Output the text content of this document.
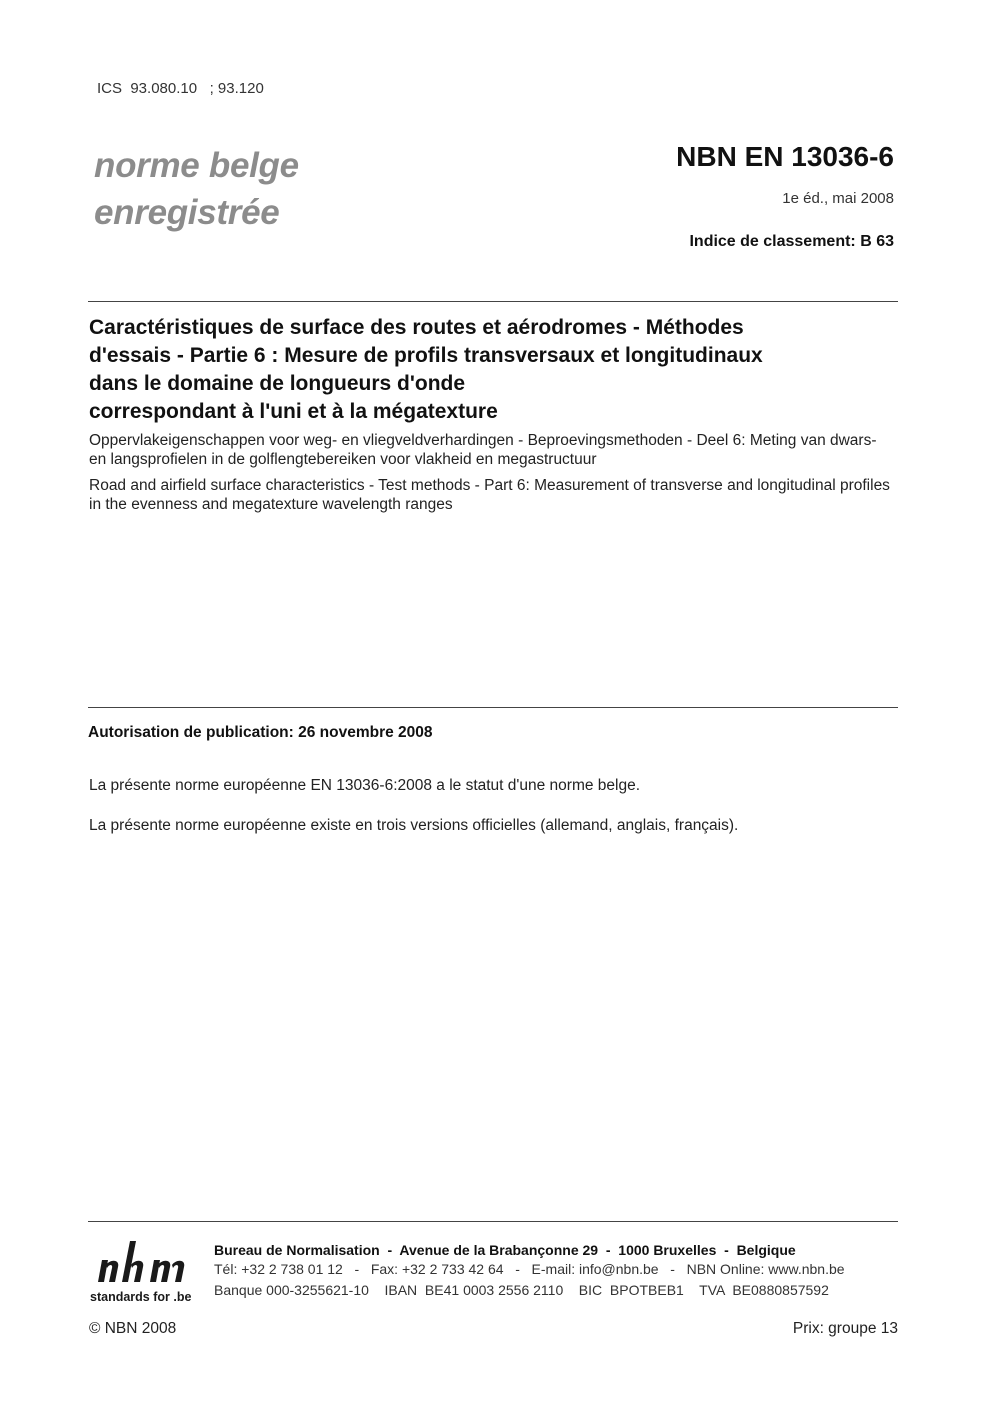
ICS  93.080.10   ; 93.120
norme belge
enregistrée
NBN EN 13036-6
1e éd., mai 2008
Indice de classement: B 63
Caractéristiques de surface des routes et aérodromes - Méthodes
d'essais - Partie 6 : Mesure de profils transversaux et longitudinaux
dans le domaine de longueurs d'onde
correspondant à l'uni et à la mégatexture
Oppervlakeigenschappen voor weg- en vliegveldverhardingen - Beproevingsmethoden - Deel 6: Meting van dwars- en langsprofielen in de golflengtebereiken voor vlakheid en megastructuur
Road and airfield surface characteristics - Test methods - Part 6: Measurement of transverse and longitudinal profiles in the evenness and megatexture wavelength ranges
Autorisation de publication: 26 novembre 2008
La présente norme européenne EN 13036-6:2008 a le statut d'une norme belge.
La présente norme européenne existe en trois versions officielles (allemand, anglais, français).
standards for .be
Bureau de Normalisation  -  Avenue de la Brabançonne 29  -  1000 Bruxelles  -  Belgique
Tél: +32 2 738 01 12   -   Fax: +32 2 733 42 64   -   E-mail: info@nbn.be   -   NBN Online: www.nbn.be
Banque 000-3255621-10    IBAN  BE41 0003 2556 2110    BIC  BPOTBEB1    TVA  BE0880857592
© NBN 2008	Prix: groupe 13
